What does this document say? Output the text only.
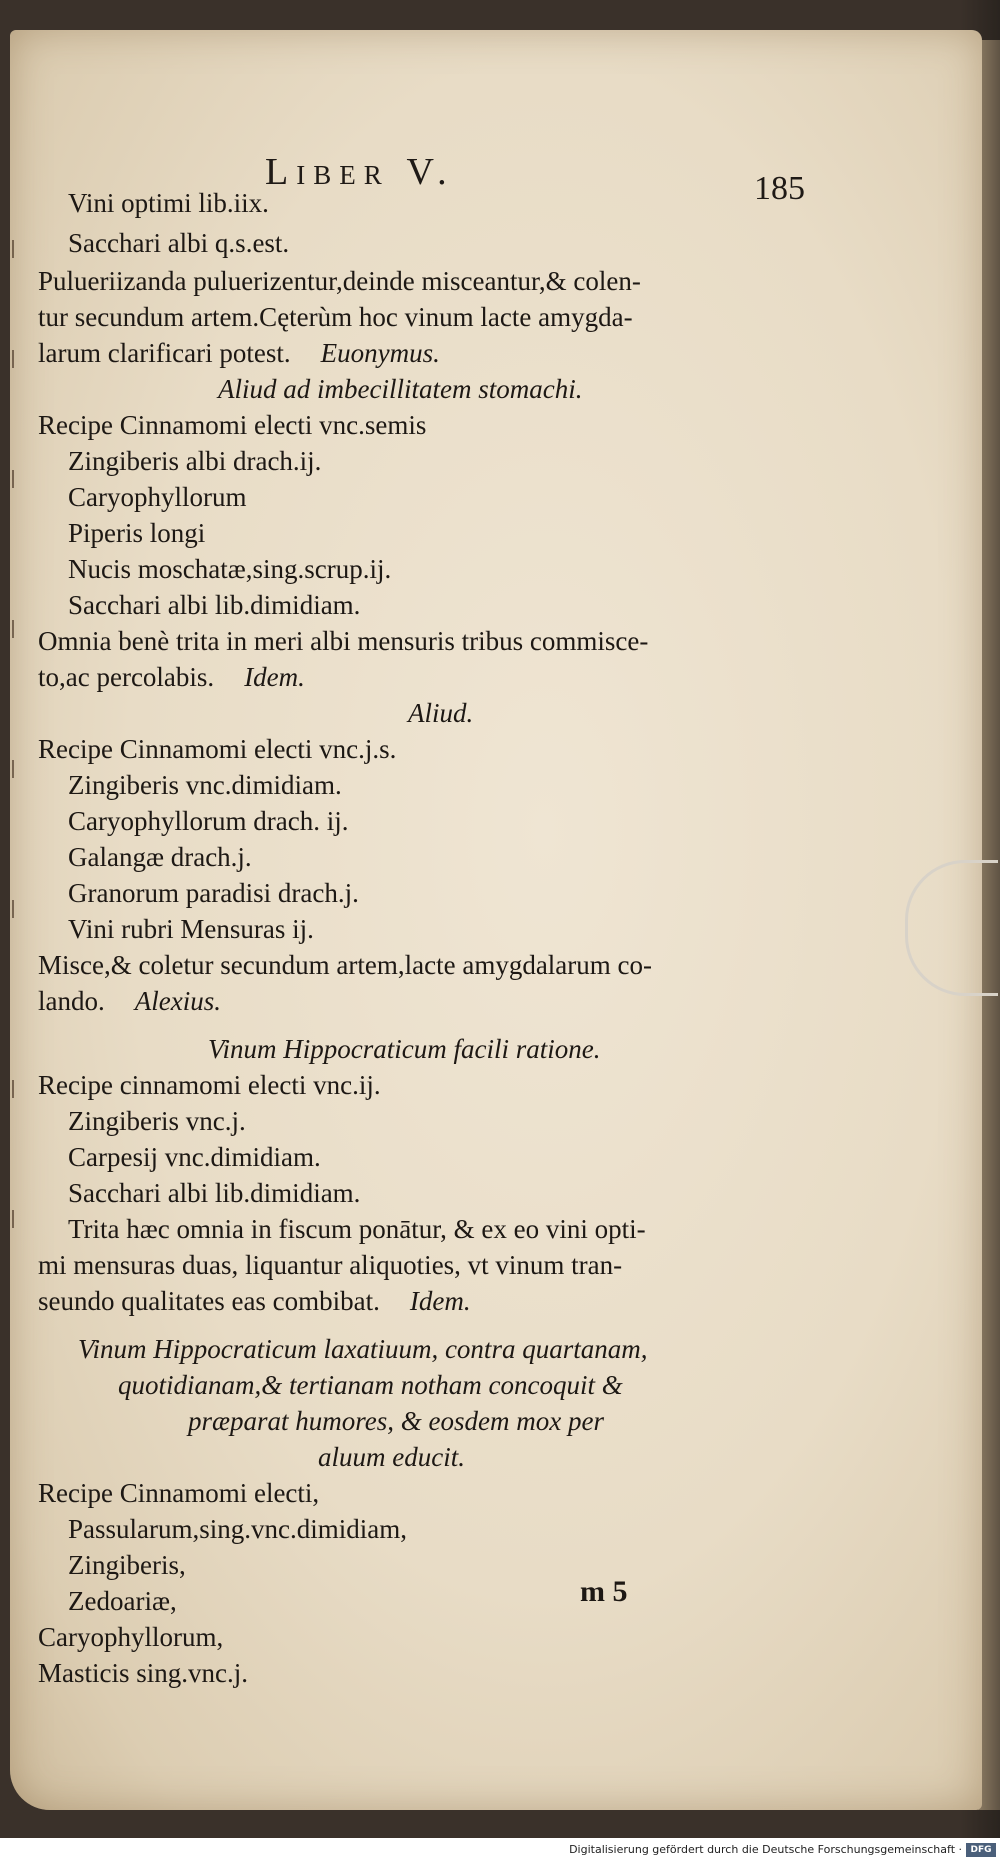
Liber V.	185
Vini optimi lib.iix.
Sacchari albi q.s.est.
Pulueriizanda puluerizentur,deinde misceantur,& colen-
tur secundum artem.Cęterùm hoc vinum lacte amygda-
larum clarificari potest. Euonymus.
Aliud ad imbecillitatem stomachi.
Recipe Cinnamomi electi vnc.semis
Zingiberis albi drach.ij.
Caryophyllorum
Piperis longi
Nucis moschatæ,sing.scrup.ij.
Sacchari albi lib.dimidiam.
Omnia benè trita in meri albi mensuris tribus commisce-
to,ac percolabis. Idem.
Aliud.
Recipe Cinnamomi electi vnc.j.s.
Zingiberis vnc.dimidiam.
Caryophyllorum drach. ij.
Galangæ drach.j.
Granorum paradisi drach.j.
Vini rubri Mensuras ij.
Misce,& coletur secundum artem,lacte amygdalarum co-
lando. Alexius.
Vinum Hippocraticum facili ratione.
Recipe cinnamomi electi vnc.ij.
Zingiberis vnc.j.
Carpesij vnc.dimidiam.
Sacchari albi lib.dimidiam.
Trita hæc omnia in fiscum ponātur, & ex eo vini opti-
mi mensuras duas, liquantur aliquoties, vt vinum tran-
seundo qualitates eas combibat. Idem.
Vinum Hippocraticum laxatiuum, contra quartanam,
quotidianam,& tertianam notham concoquit &
præparat humores, & eosdem mox per
aluum educit.
Recipe Cinnamomi electi,
Passularum,sing.vnc.dimidiam,
Zingiberis,
Zedoariæ,
Caryophyllorum,
Masticis sing.vnc.j.
m 5
Digitalisierung gefördert durch die Deutsche Forschungsgemeinschaft · DFG
